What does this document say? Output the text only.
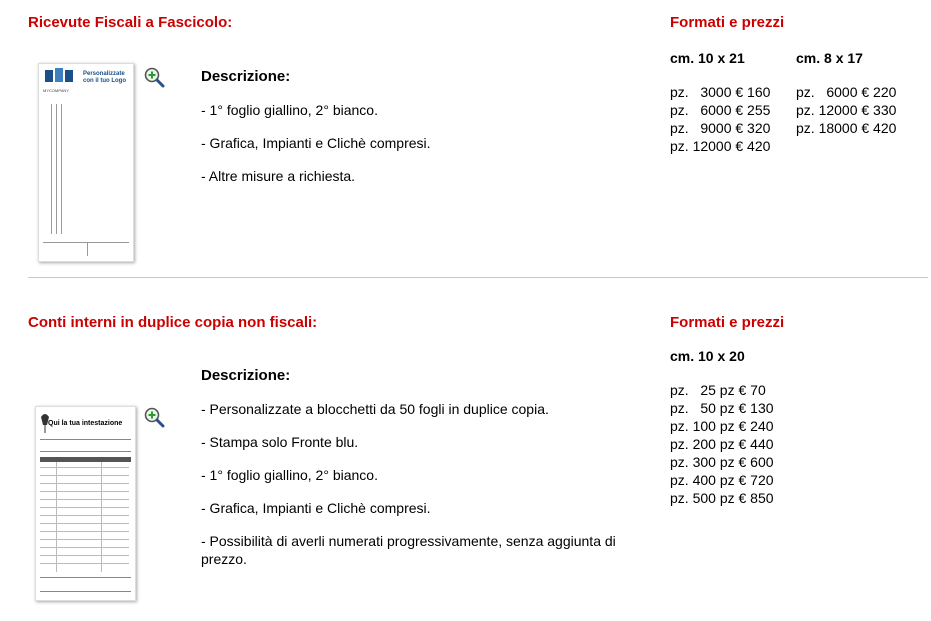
Ricevute Fiscali a Fascicolo:	Formati e prezzi
Personalizzate
con il tuo Logo
MYCOMPANY
Descrizione:
- 1° foglio giallino, 2° bianco.
- Grafica, Impianti e Clichè compresi.
- Altre misure a richiesta.
cm. 10 x 21
pz.   3000 € 160
pz.   6000 € 255
pz.   9000 € 320
pz. 12000 € 420
cm. 8 x 17
pz.   6000 € 220
pz. 12000 € 330
pz. 18000 € 420
Conti interni in duplice copia non fiscali:	Formati e prezzi
Qui la tua intestazione
Descrizione:
- Personalizzate a blocchetti da 50 fogli in duplice copia.
- Stampa solo Fronte blu.
- 1° foglio giallino, 2° bianco.
- Grafica, Impianti e Clichè compresi.
- Possibilità di averli numerati progressivamente, senza aggiunta di prezzo.
cm. 10 x 20
pz.   25 pz € 70
pz.   50 pz € 130
pz. 100 pz € 240
pz. 200 pz € 440
pz. 300 pz € 600
pz. 400 pz € 720
pz. 500 pz € 850
